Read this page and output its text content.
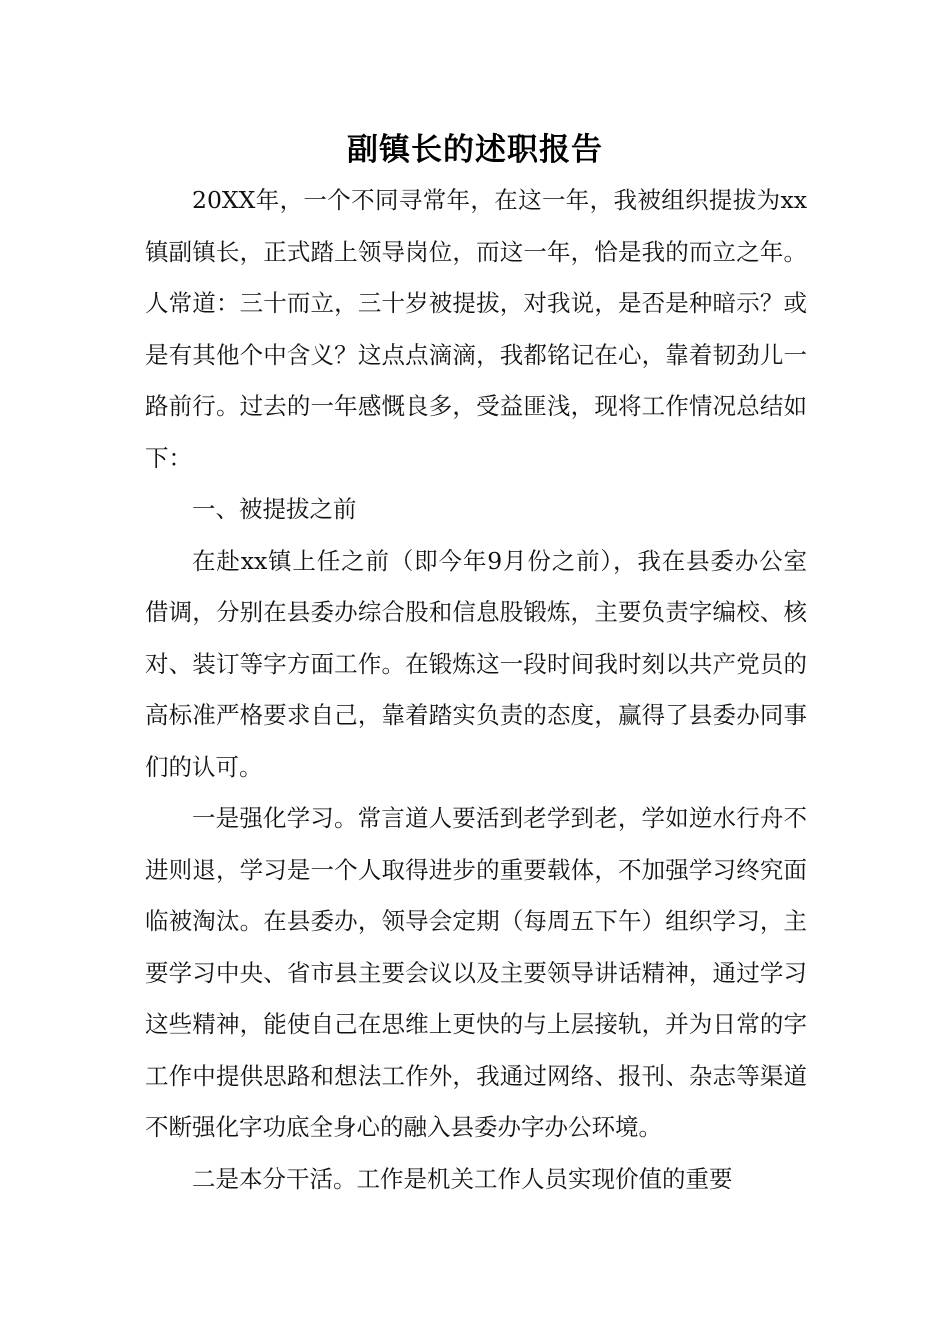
副镇长的述职报告

20XX年，一个不同寻常年，在这一年，我被组织提拔为xx镇副镇长，正式踏上领导岗位，而这一年，恰是我的而立之年。人常道：三十而立，三十岁被提拔，对我说，是否是种暗示？或是有其他个中含义？这点点滴滴，我都铭记在心，靠着韧劲儿一路前行。过去的一年感慨良多，受益匪浅，现将工作情况总结如下：

一、被提拔之前

在赴xx镇上任之前（即今年9月份之前），我在县委办公室借调，分别在县委办综合股和信息股锻炼，主要负责字编校、核对、装订等字方面工作。在锻炼这一段时间我时刻以共产党员的高标准严格要求自己，靠着踏实负责的态度，赢得了县委办同事们的认可。

一是强化学习。常言道人要活到老学到老，学如逆水行舟不进则退，学习是一个人取得进步的重要载体，不加强学习终究面临被淘汰。在县委办，领导会定期（每周五下午）组织学习，主要学习中央、省市县主要会议以及主要领导讲话精神，通过学习这些精神，能使自己在思维上更快的与上层接轨，并为日常的字工作中提供思路和想法工作外，我通过网络、报刊、杂志等渠道不断强化字功底全身心的融入县委办字办公环境。

二是本分干活。工作是机关工作人员实现价值的重要
